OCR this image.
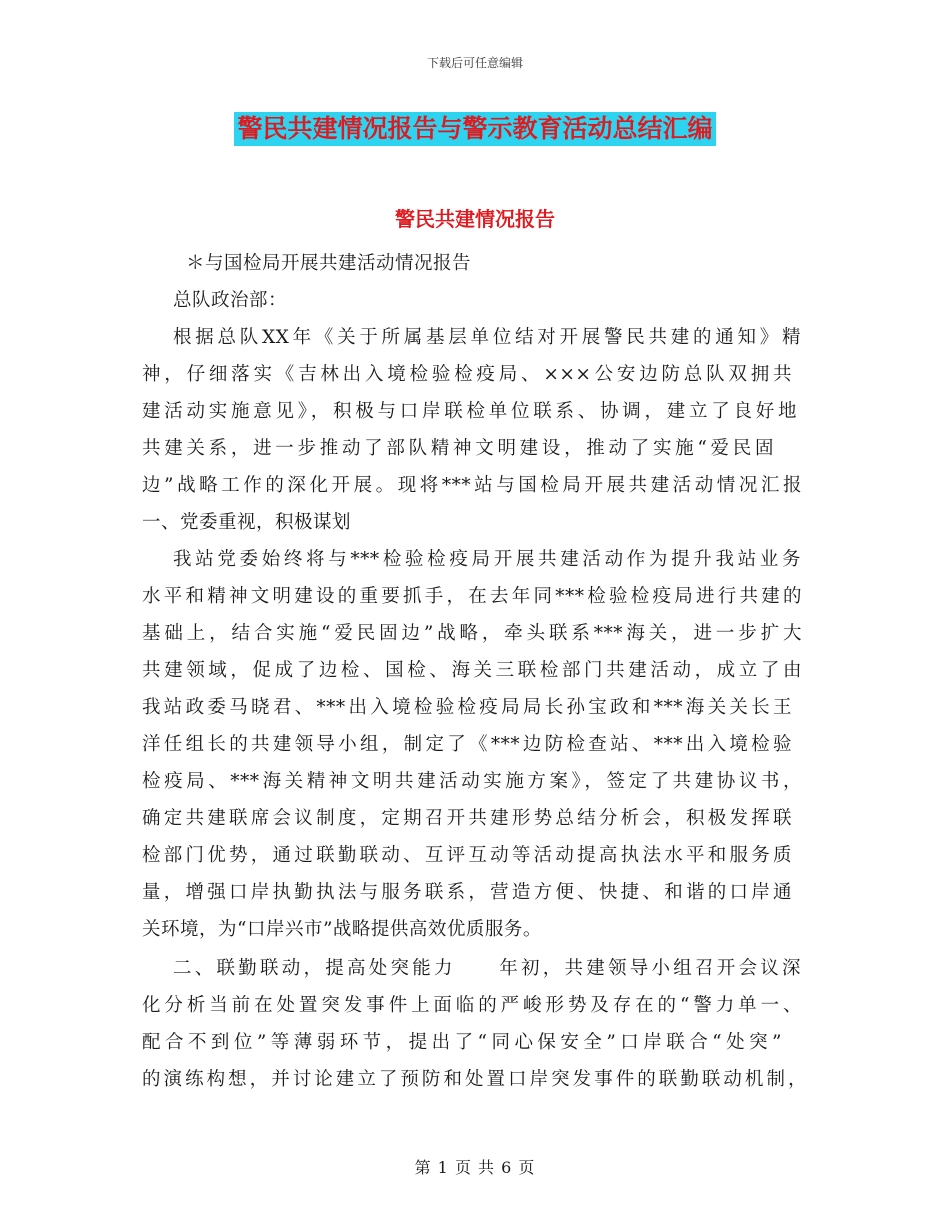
下载后可任意编辑
警民共建情况报告与警示教育活动总结汇编
警民共建情况报告
＊与国检局开展共建活动情况报告
总队政治部：
根据总队XX年《关于所属基层单位结对开展警民共建的通知》精
神，仔细落实《吉林出入境检验检疫局、×××公安边防总队双拥共
建活动实施意见》，积极与口岸联检单位联系、协调，建立了良好地
共建关系，进一步推动了部队精神文明建设，推动了实施“爱民固
边”战略工作的深化开展。现将***站与国检局开展共建活动情况汇报
一、党委重视，积极谋划
我站党委始终将与***检验检疫局开展共建活动作为提升我站业务
水平和精神文明建设的重要抓手，在去年同***检验检疫局进行共建的
基础上，结合实施“爱民固边”战略，牵头联系***海关，进一步扩大
共建领域，促成了边检、国检、海关三联检部门共建活动，成立了由
我站政委马晓君、***出入境检验检疫局局长孙宝政和***海关关长王
洋任组长的共建领导小组，制定了《***边防检查站、***出入境检验
检疫局、***海关精神文明共建活动实施方案》，签定了共建协议书，
确定共建联席会议制度，定期召开共建形势总结分析会，积极发挥联
检部门优势，通过联勤联动、互评互动等活动提高执法水平和服务质
量，增强口岸执勤执法与服务联系，营造方便、快捷、和谐的口岸通
关环境，为“口岸兴市”战略提供高效优质服务。
二、联勤联动，提高处突能力　　年初，共建领导小组召开会议深
化分析当前在处置突发事件上面临的严峻形势及存在的“警力单一、
配合不到位”等薄弱环节，提出了“同心保安全”口岸联合“处突”
的演练构想，并讨论建立了预防和处置口岸突发事件的联勤联动机制，
第 1 页 共 6 页
